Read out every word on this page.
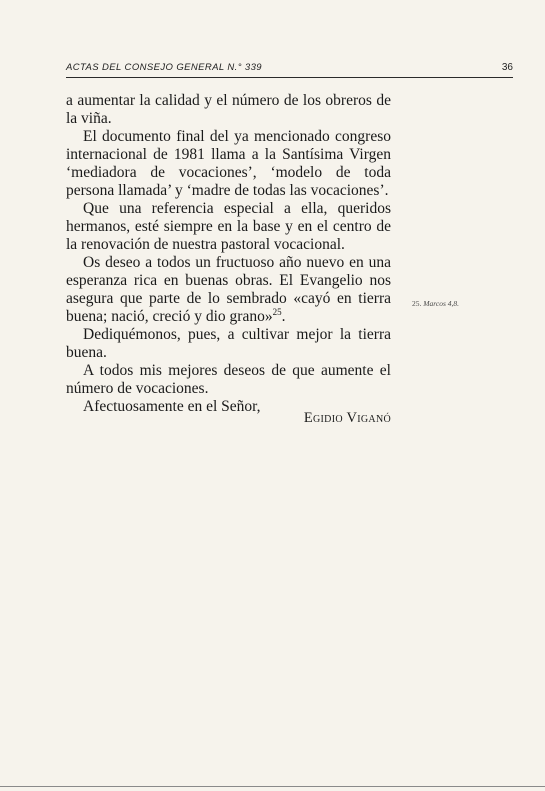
ACTAS DEL CONSEJO GENERAL N.° 339	36

a aumentar la calidad y el número de los obreros de la viña.

El documento final del ya mencionado congreso internacional de 1981 llama a la Santísima Virgen ‘mediadora de vocaciones’, ‘modelo de toda persona llamada’ y ‘madre de todas las vocaciones’.

Que una referencia especial a ella, queridos hermanos, esté siempre en la base y en el centro de la renovación de nuestra pastoral vocacional.

Os deseo a todos un fructuoso año nuevo en una esperanza rica en buenas obras. El Evangelio nos asegura que parte de lo sembrado «cayó en tierra buena; nació, creció y dio grano»$^{25}$.

Dediquémonos, pues, a cultivar mejor la tierra buena.

A todos mis mejores deseos de que aumente el número de vocaciones.

Afectuosamente en el Señor,

Egidio Viganó
25. Marcos 4,8.
